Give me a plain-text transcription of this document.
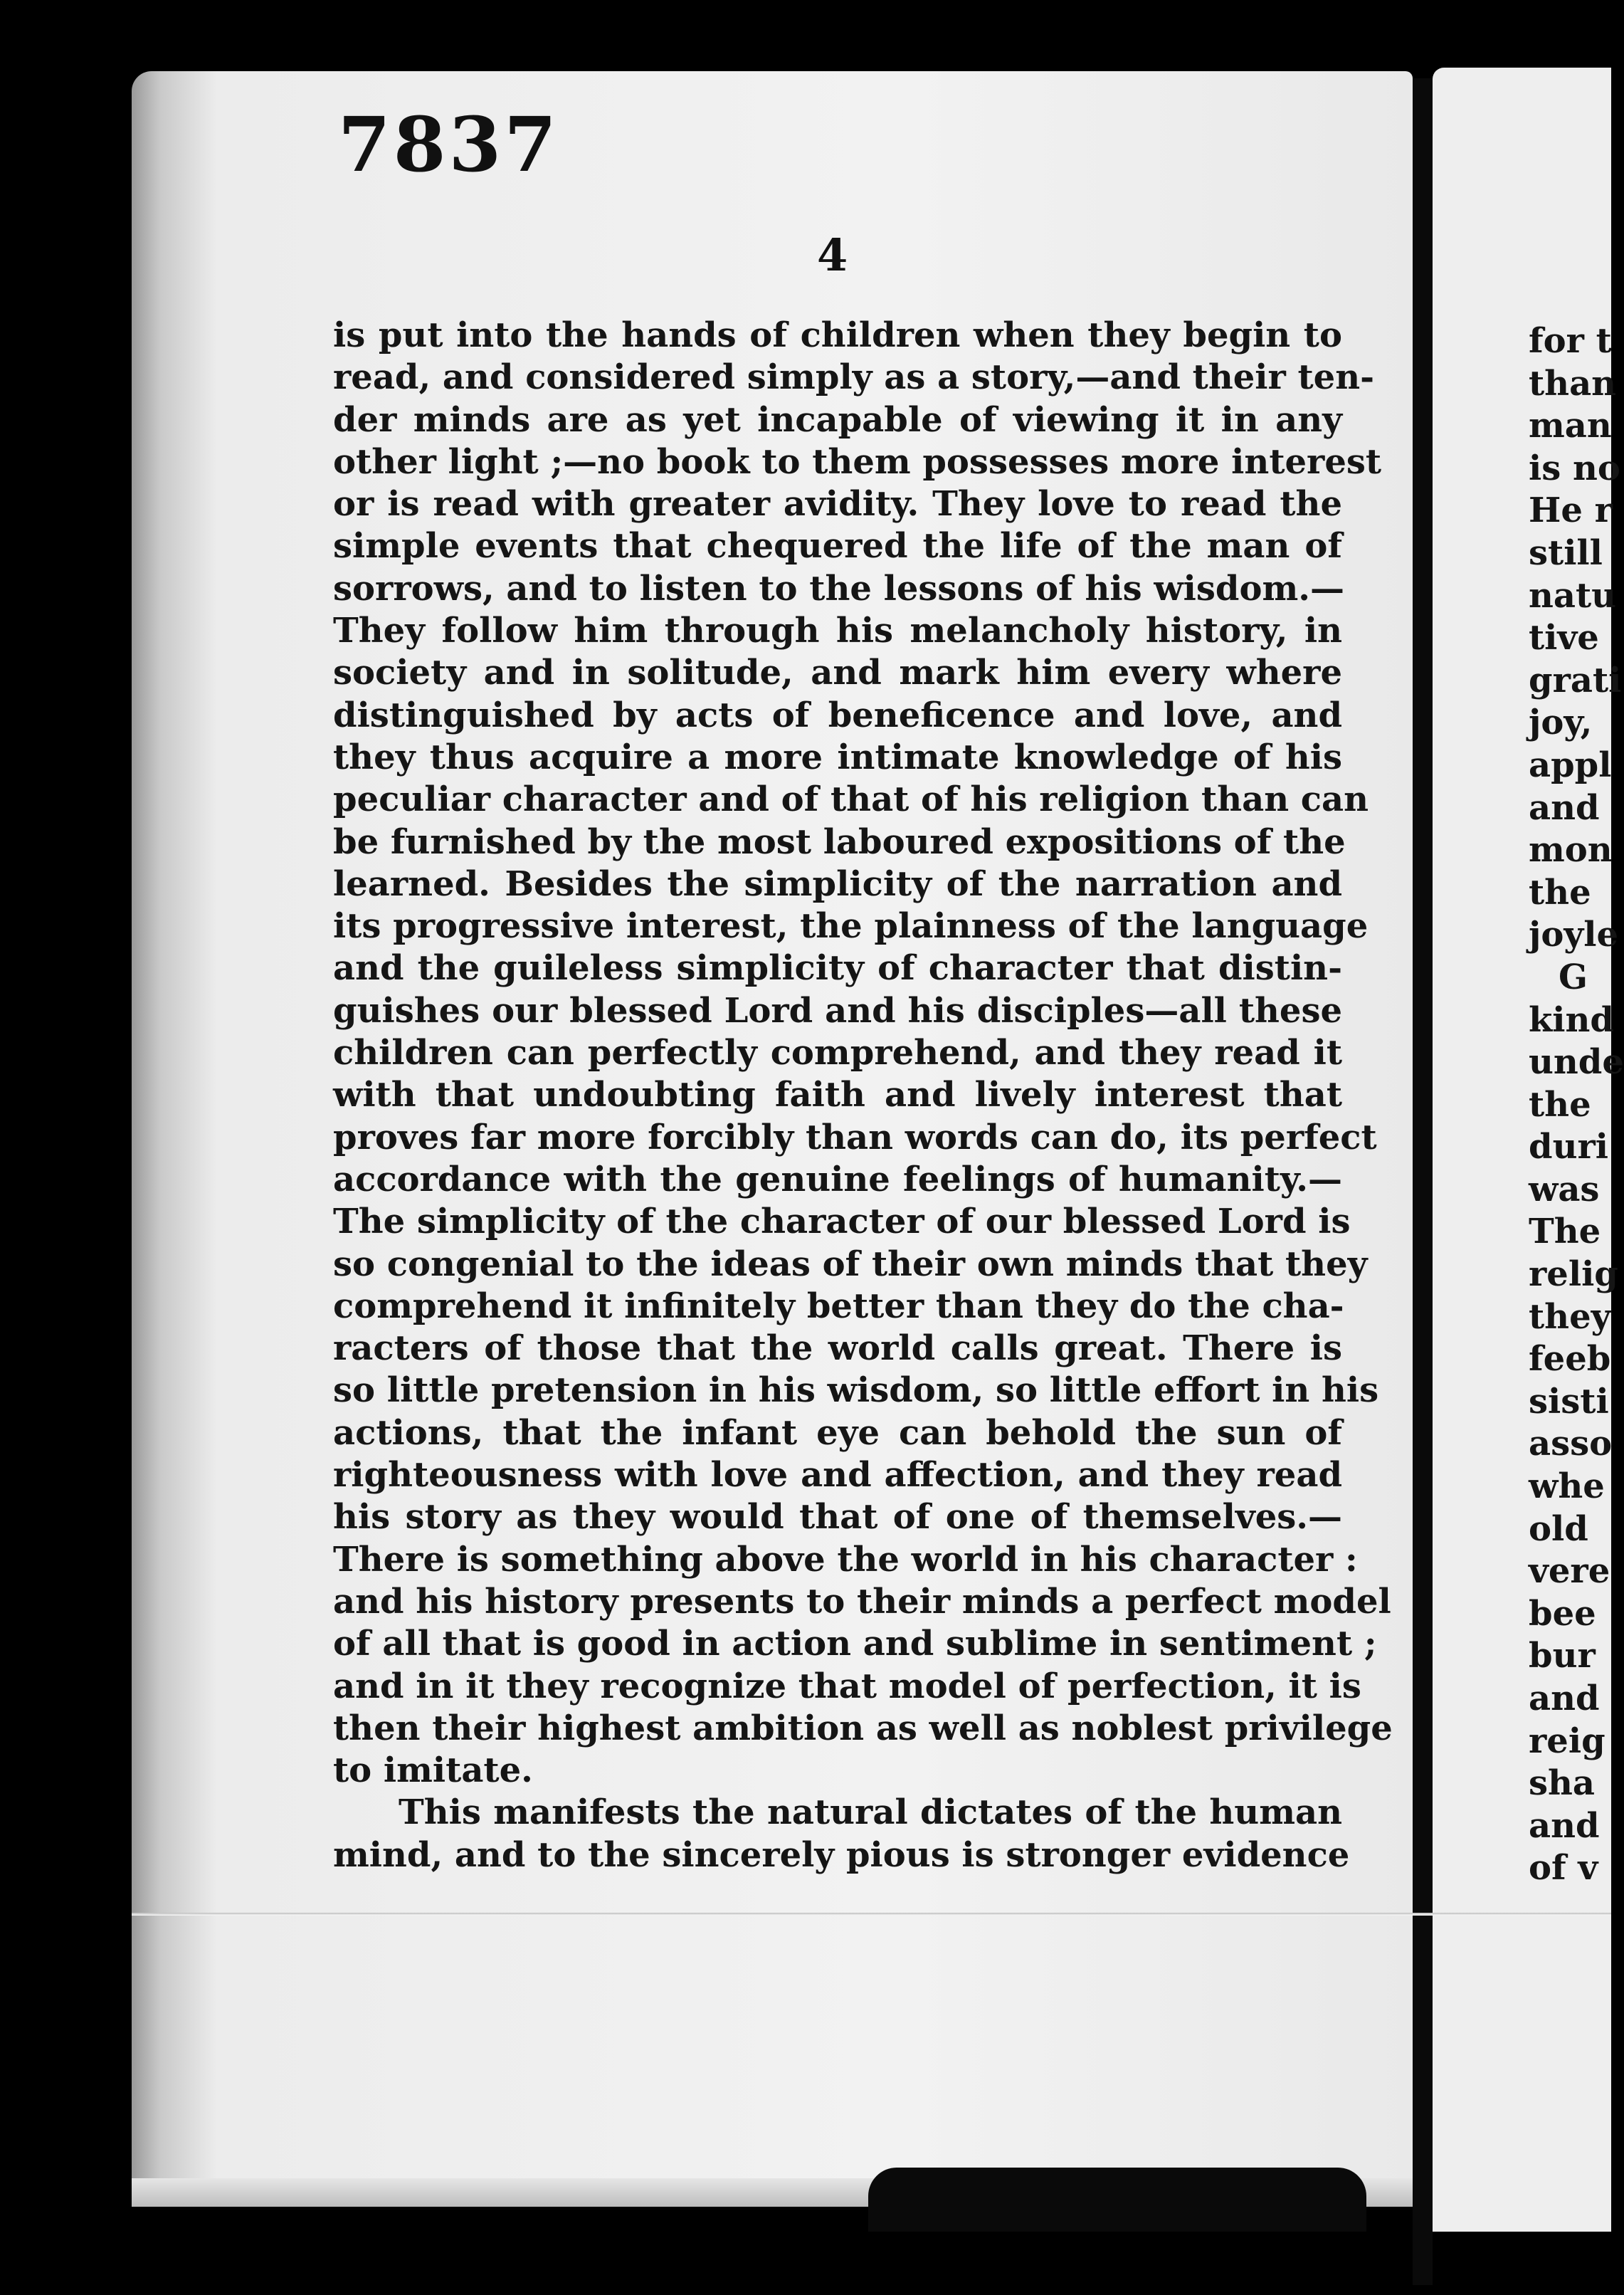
7837
4
is put into the hands of children when they begin to
read, and considered simply as a story,—and their ten-
der minds are as yet incapable of viewing it in any
other light ;—no book to them possesses more interest
or is read with greater avidity. They love to read the
simple events that chequered the life of the man of
sorrows, and to listen to the lessons of his wisdom.—
They follow him through his melancholy history, in
society and in solitude, and mark him every where
distinguished by acts of beneficence and love, and
they thus acquire a more intimate knowledge of his
peculiar character and of that of his religion than can
be furnished by the most laboured expositions of the
learned. Besides the simplicity of the narration and
its progressive interest, the plainness of the language
and the guileless simplicity of character that distin-
guishes our blessed Lord and his disciples—all these
children can perfectly comprehend, and they read it
with that undoubting faith and lively interest that
proves far more forcibly than words can do, its perfect
accordance with the genuine feelings of humanity.—
The simplicity of the character of our blessed Lord is
so congenial to the ideas of their own minds that they
comprehend it infinitely better than they do the cha-
racters of those that the world calls great. There is
so little pretension in his wisdom, so little effort in his
actions, that the infant eye can behold the sun of
righteousness with love and affection, and they read
his story as they would that of one of themselves.—
There is something above the world in his character :
and his history presents to their minds a perfect model
of all that is good in action and sublime in sentiment ;
and in it they recognize that model of perfection, it is
then their highest ambition as well as noblest privilege
to imitate.
This manifests the natural dictates of the human
mind, and to the sincerely pious is stronger evidence
for t
than
man
is no
He r
still
natu
tive
grati
joy,
appl
and
mon
the
joyle
G
kind
unde
the
duri
was
The
relig
they
feeb
sisti
asso
whe
old
vere
bee
bur
and
reig
sha
and
of v
